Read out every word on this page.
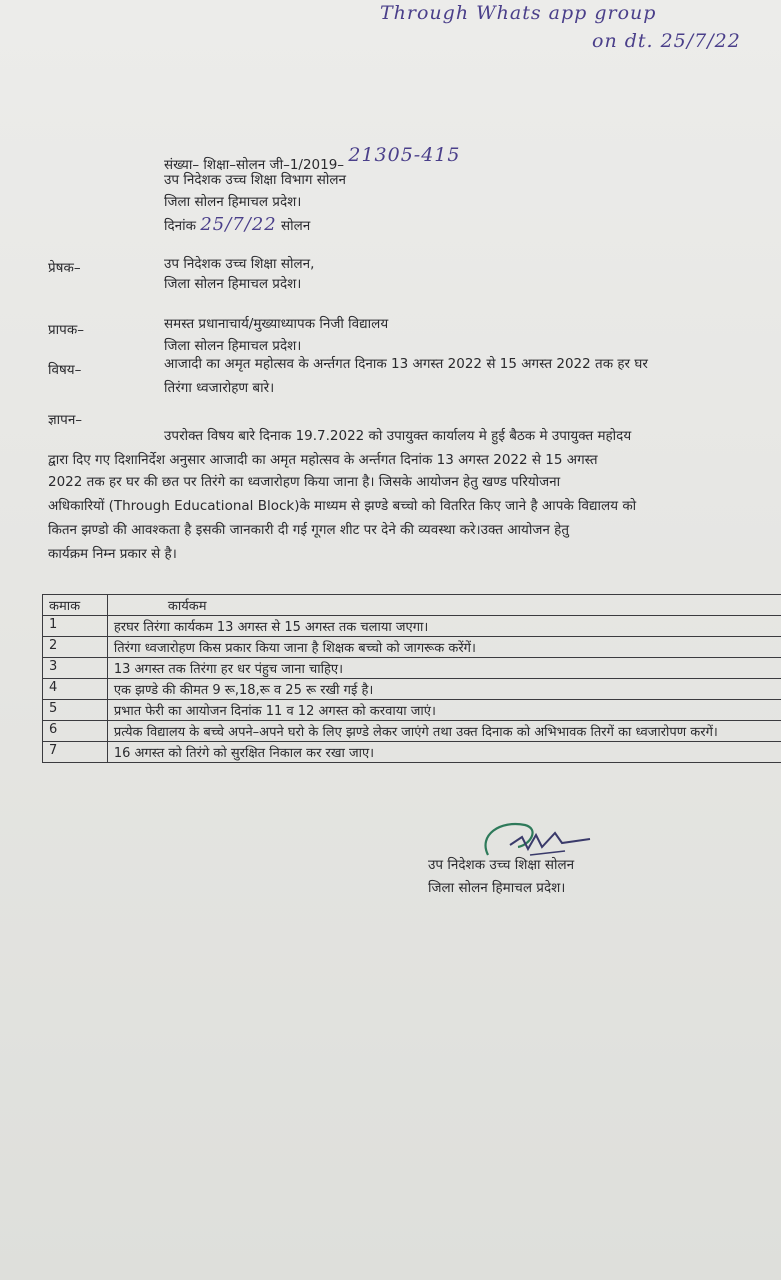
Through Whats app group
on dt. 25/7/22
संख्या– शिक्षा–सोलन जी–1/2019– 21305-415
उप निदेशक उच्च शिक्षा विभाग सोलन
जिला सोलन हिमाचल प्रदेश।
दिनांक 25/7/22 सोलन
प्रेषक–	उप निदेशक उच्च शिक्षा सोलन,
जिला सोलन हिमाचल प्रदेश।
प्रापक–	समस्त प्रधानाचार्य/मुख्याध्यापक निजी विद्यालय
जिला सोलन हिमाचल प्रदेश।
विषय–	आजादी का अमृत महोत्सव के अर्न्तगत दिनाक 13 अगस्त 2022 से 15 अगस्त 2022 तक हर घर
तिरंगा ध्वजारोहण बारे।
ज्ञापन–
उपरोक्त विषय बारे दिनाक 19.7.2022 को उपायुक्त कार्यालय मे हुई बैठक मे उपायुक्त महोदय
द्वारा दिए गए दिशानिर्देश अनुसार आजादी का अमृत महोत्सव के अर्न्तगत दिनांक 13 अगस्त 2022 से 15 अगस्त
2022 तक हर घर की छत पर तिरंगे का ध्वजारोहण किया जाना है। जिसके आयोजन हेतु खण्ड परियोजना
अधिकारियों (Through Educational Block)के माध्यम से झण्डे बच्चो को वितरित किए जाने है आपके विद्यालय को
कितन झण्डो की आवश्कता है इसकी जानकारी दी गई गूगल शीट पर देने की व्यवस्था करे।उक्त आयोजन हेतु
कार्यक्रम निम्न प्रकार से है।
कमाक	कार्यकम
1	हरघर तिरंगा कार्यकम 13 अगस्त से 15 अगस्त तक चलाया जएगा।
2	तिरंगा ध्वजारोहण किस प्रकार किया जाना है शिक्षक बच्चो को जागरूक करेंगें।
3	13 अगस्त तक तिरंगा हर धर पंहुच जाना चाहिए।
4	एक झण्डे की कीमत 9 रू,18,रू व 25 रू रखी गई है।
5	प्रभात फेरी का आयोजन दिनांक 11 व 12 अगस्त को करवाया जाएं।
6	प्रत्येक विद्यालय के बच्चे अपने–अपने घरो के लिए झण्डे लेकर जाएंगे तथा उक्त दिनाक को अभिभावक तिरगें का ध्वजारोपण करगें।
7	16 अगस्त को तिरंगे को सुरक्षित निकाल कर रखा जाए।
उप निदेशक उच्च शिक्षा सोलन
जिला सोलन हिमाचल प्रदेश।
